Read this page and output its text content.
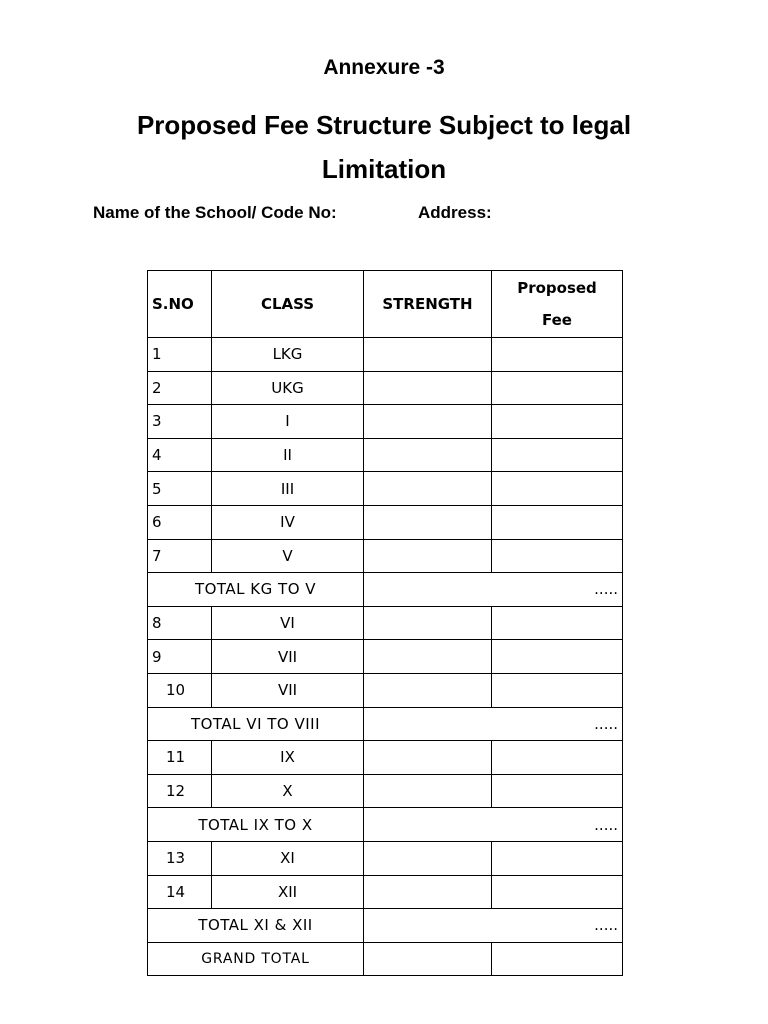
Annexure -3
Proposed Fee Structure Subject to legal Limitation
Name of the School/ Code No:	Address:
S.NO	CLASS	STRENGTH	Proposed
Fee
1	LKG		
2	UKG		
3	I		
4	II		
5	III		
6	IV		
7	V		
TOTAL KG TO V		.....	
8	VI		
9	VII		
10	VII		
TOTAL VI TO VIII		.....	
11	IX		
12	X		
TOTAL IX TO X		.....	
13	XI		
14	XII		
TOTAL XI & XII		.....	
GRAND TOTAL			
